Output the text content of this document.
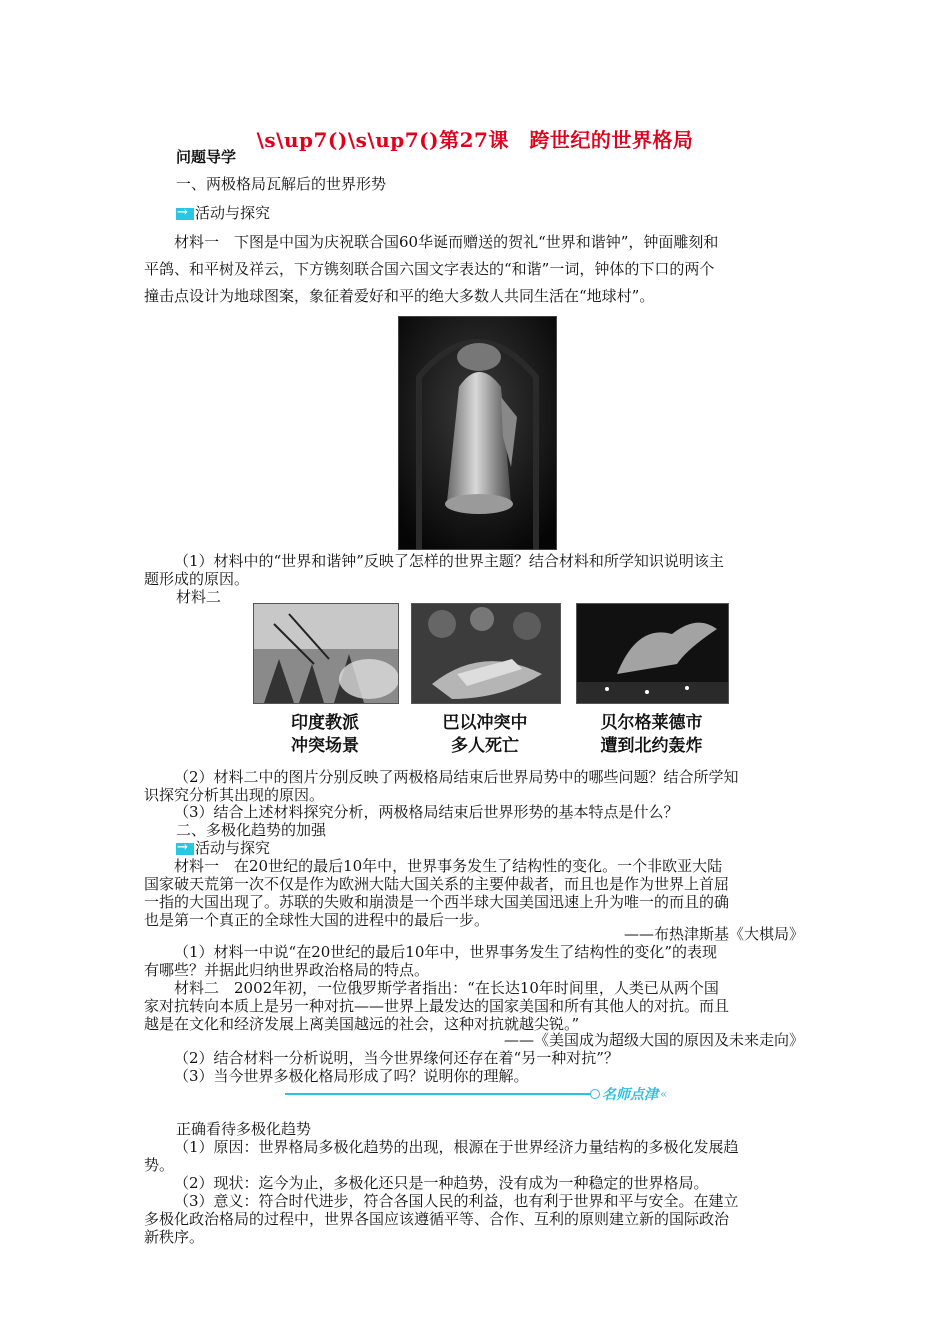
\s\up7()\s\up7()第27课　跨世纪的世界格局
问题导学
一、两极格局瓦解后的世界形势
→ 活动与探究
材料一　下图是中国为庆祝联合国60华诞而赠送的贺礼“世界和谐钟”，钟面雕刻和
平鸽、和平树及祥云，下方镌刻联合国六国文字表达的“和谐”一词，钟体的下口的两个
撞击点设计为地球图案，象征着爱好和平的绝大多数人共同生活在“地球村”。
（1）材料中的“世界和谐钟”反映了怎样的世界主题？结合材料和所学知识说明该主
题形成的原因。
材料二
印度教派
冲突场景
巴以冲突中
多人死亡
贝尔格莱德市
遭到北约轰炸
（2）材料二中的图片分别反映了两极格局结束后世界局势中的哪些问题？结合所学知
识探究分析其出现的原因。
（3）结合上述材料探究分析，两极格局结束后世界形势的基本特点是什么？
二、多极化趋势的加强
→ 活动与探究
材料一　在20世纪的最后10年中，世界事务发生了结构性的变化。一个非欧亚大陆
国家破天荒第一次不仅是作为欧洲大陆大国关系的主要仲裁者，而且也是作为世界上首屈
一指的大国出现了。苏联的失败和崩溃是一个西半球大国美国迅速上升为唯一的而且的确
也是第一个真正的全球性大国的进程中的最后一步。
——布热津斯基《大棋局》
（1）材料一中说“在20世纪的最后10年中，世界事务发生了结构性的变化”的表现
有哪些？并据此归纳世界政治格局的特点。
材料二　2002年初，一位俄罗斯学者指出：“在长达10年时间里，人类已从两个国
家对抗转向本质上是另一种对抗——世界上最发达的国家美国和所有其他人的对抗。而且
越是在文化和经济发展上离美国越远的社会，这种对抗就越尖锐。”
——《美国成为超级大国的原因及未来走向》
（2）结合材料一分析说明，当今世界缘何还存在着“另一种对抗”？
（3）当今世界多极化格局形成了吗？说明你的理解。
名师点津 «
正确看待多极化趋势
（1）原因：世界格局多极化趋势的出现，根源在于世界经济力量结构的多极化发展趋
势。
（2）现状：迄今为止，多极化还只是一种趋势，没有成为一种稳定的世界格局。
（3）意义：符合时代进步，符合各国人民的利益，也有利于世界和平与安全。在建立
多极化政治格局的过程中，世界各国应该遵循平等、合作、互利的原则建立新的国际政治
新秩序。
